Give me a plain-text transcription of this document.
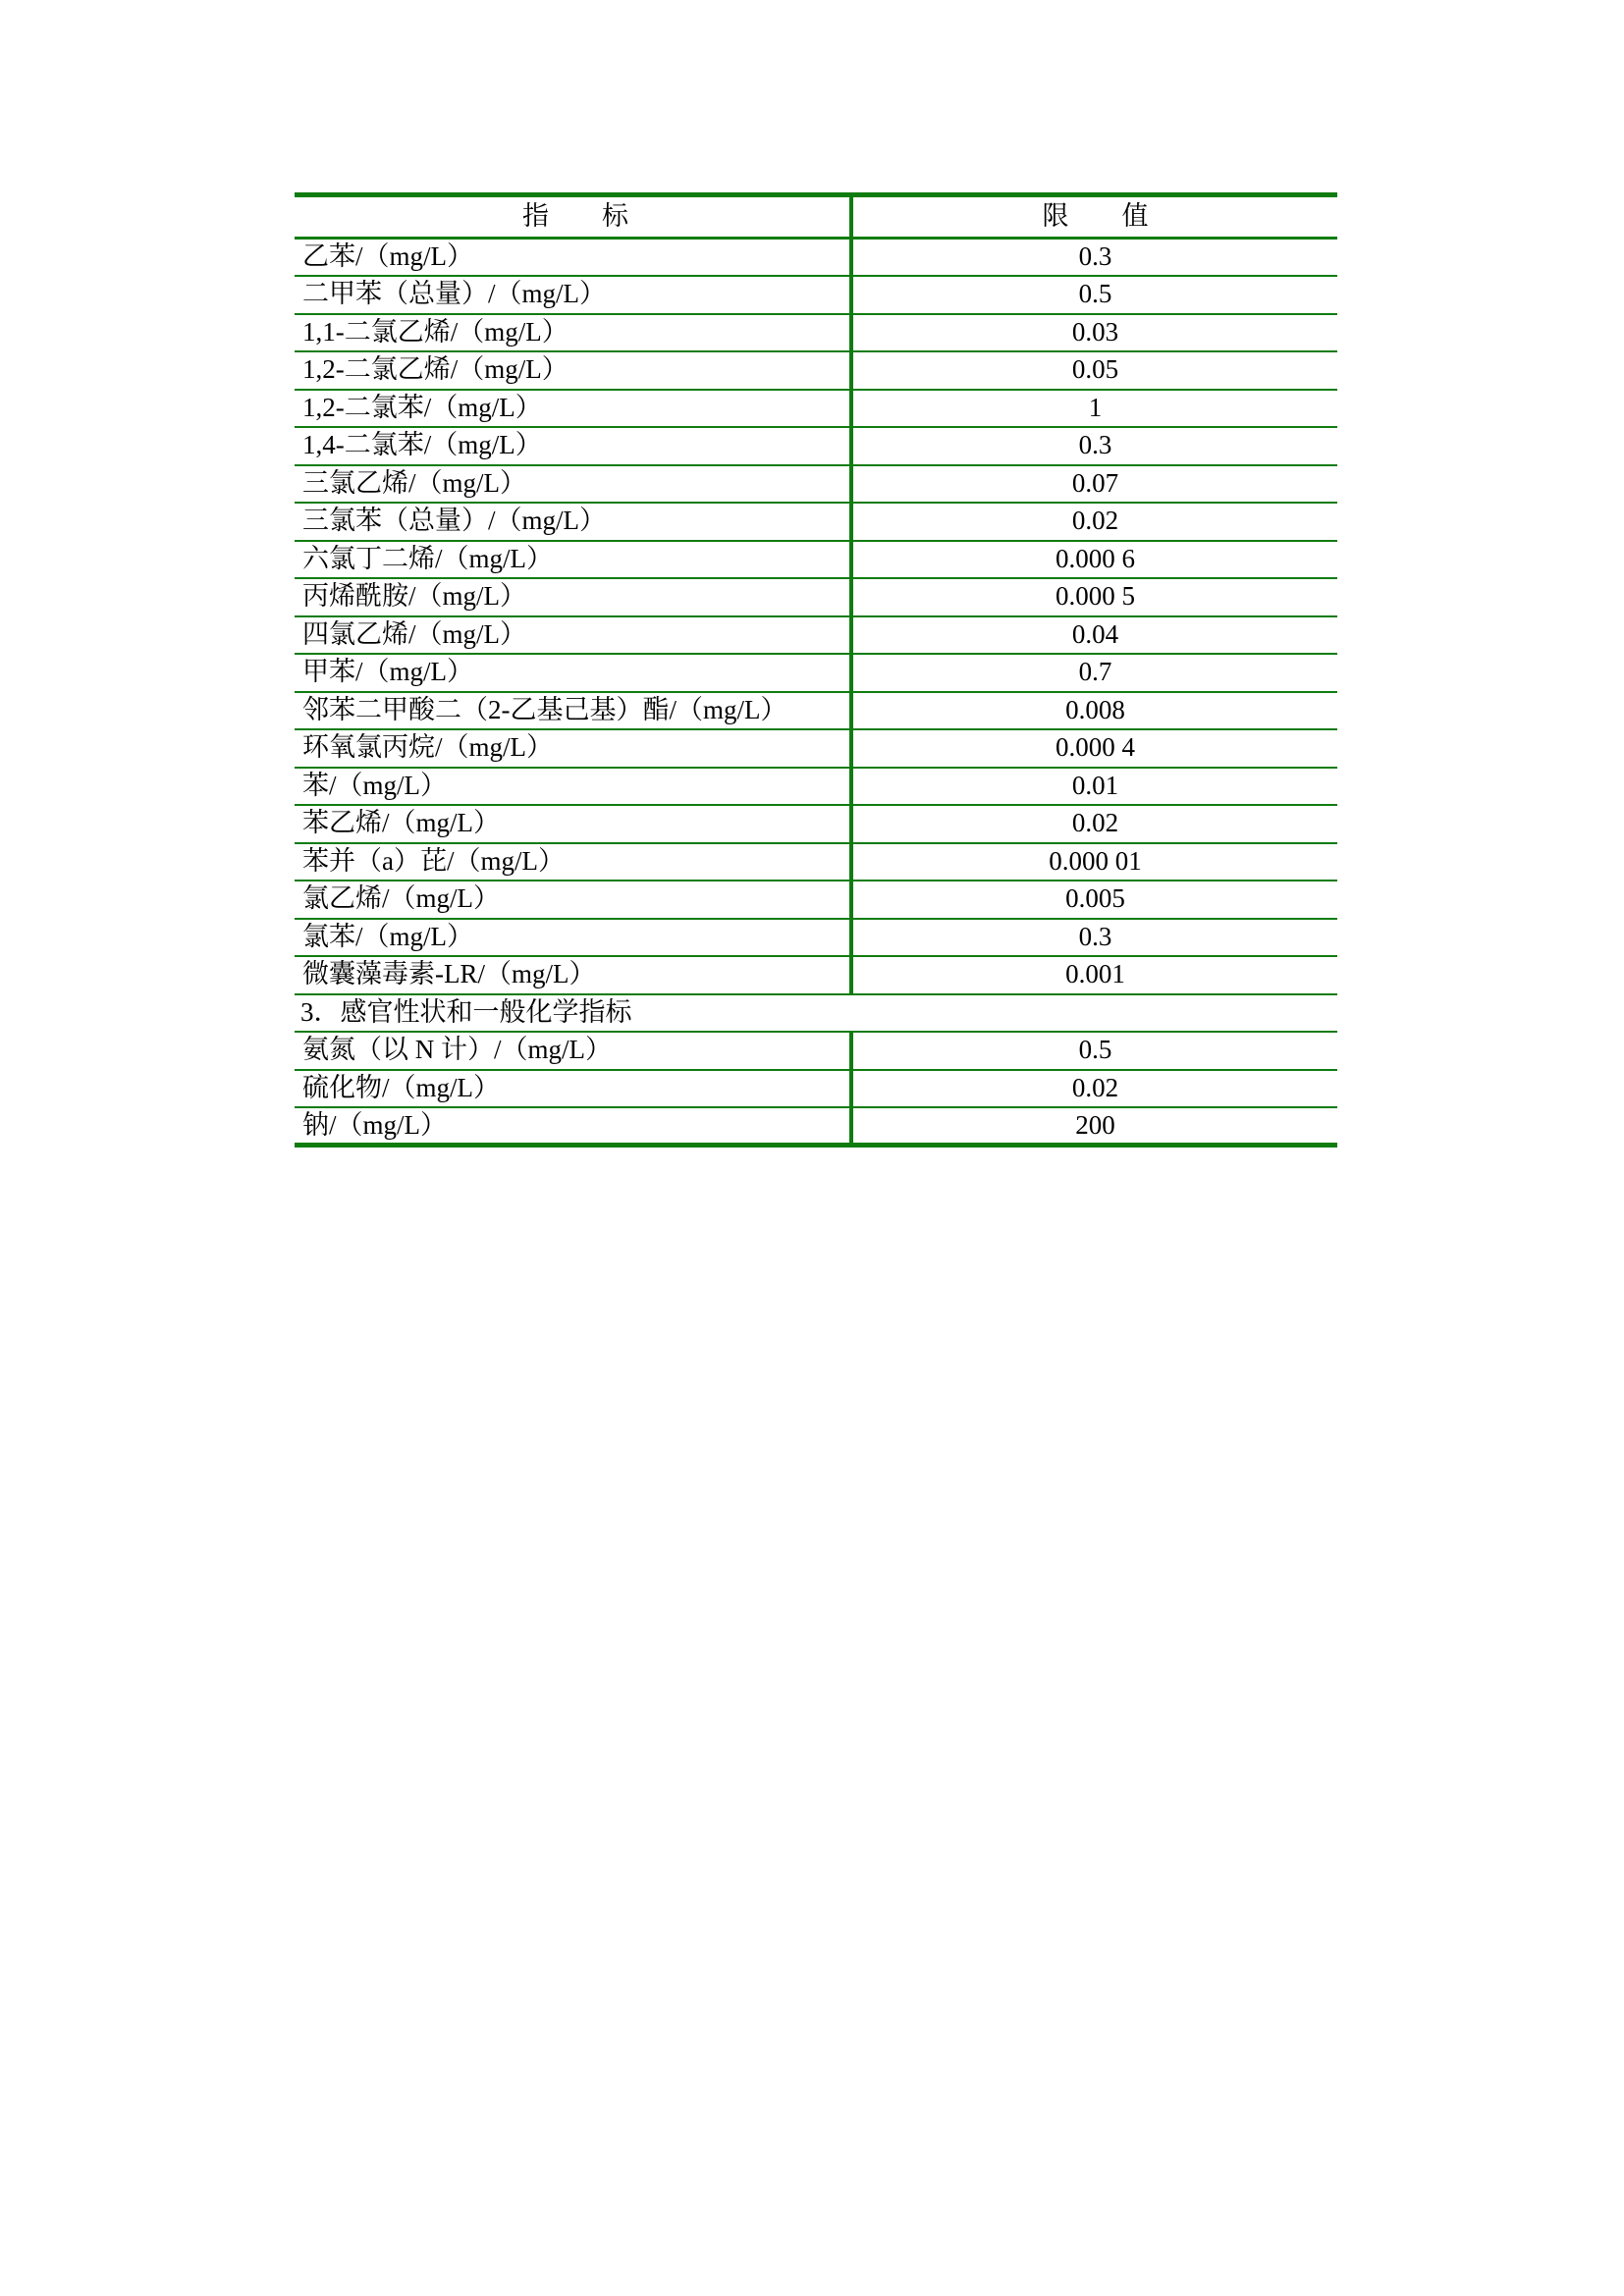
指　　标	限　　值
乙苯/（mg/L）	0.3
二甲苯（总量）/（mg/L）	0.5
1,1-二氯乙烯/（mg/L）	0.03
1,2-二氯乙烯/（mg/L）	0.05
1,2-二氯苯/（mg/L）	1
1,4-二氯苯/（mg/L）	0.3
三氯乙烯/（mg/L）	0.07
三氯苯（总量）/（mg/L）	0.02
六氯丁二烯/（mg/L）	0.000 6
丙烯酰胺/（mg/L）	0.000 5
四氯乙烯/（mg/L）	0.04
甲苯/（mg/L）	0.7
邻苯二甲酸二（2-乙基己基）酯/（mg/L）	0.008
环氧氯丙烷/（mg/L）	0.000 4
苯/（mg/L）	0.01
苯乙烯/（mg/L）	0.02
苯并（a）芘/（mg/L）	0.000 01
氯乙烯/（mg/L）	0.005
氯苯/（mg/L）	0.3
微囊藻毒素-LR/（mg/L）	0.001
3．感官性状和一般化学指标	
氨氮（以 N 计）/（mg/L）	0.5
硫化物/（mg/L）	0.02
钠/（mg/L）	200
